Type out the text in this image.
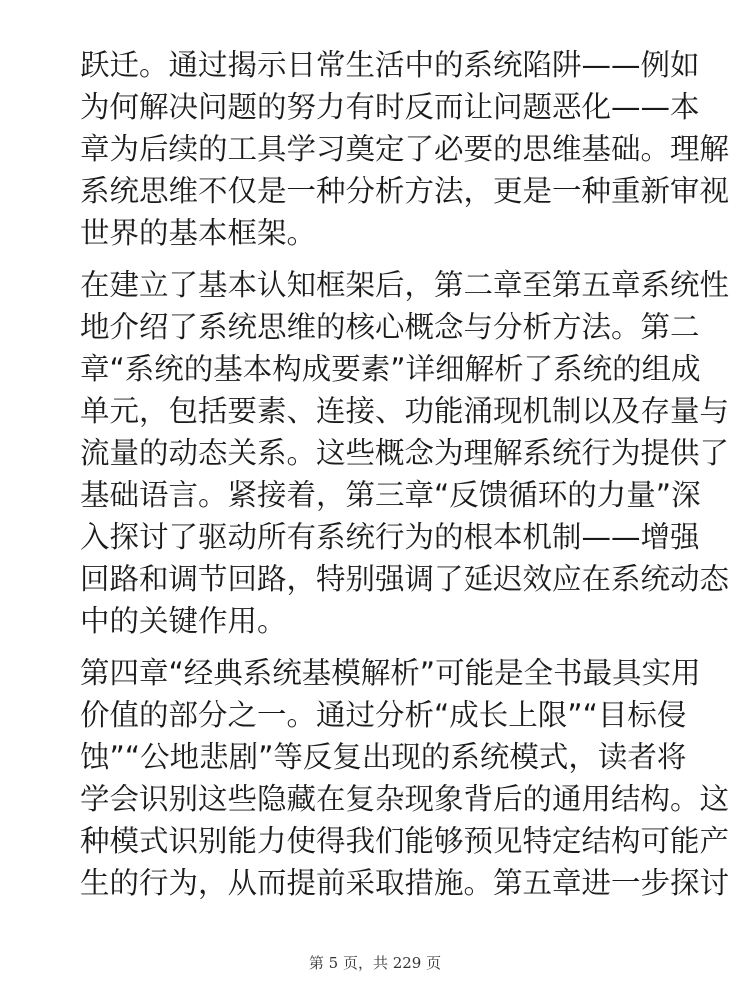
跃迁。通过揭示日常生活中的系统陷阱——例如
为何解决问题的努力有时反而让问题恶化——本
章为后续的工具学习奠定了必要的思维基础。理解
系统思维不仅是一种分析方法，更是一种重新审视
世界的基本框架。
在建立了基本认知框架后，第二章至第五章系统性
地介绍了系统思维的核心概念与分析方法。第二
章“系统的基本构成要素”详细解析了系统的组成
单元，包括要素、连接、功能涌现机制以及存量与
流量的动态关系。这些概念为理解系统行为提供了
基础语言。紧接着，第三章“反馈循环的力量”深
入探讨了驱动所有系统行为的根本机制——增强
回路和调节回路，特别强调了延迟效应在系统动态
中的关键作用。
第四章“经典系统基模解析”可能是全书最具实用
价值的部分之一。通过分析“成长上限”“目标侵
蚀”“公地悲剧”等反复出现的系统模式，读者将
学会识别这些隐藏在复杂现象背后的通用结构。这
种模式识别能力使得我们能够预见特定结构可能产
生的行为，从而提前采取措施。第五章进一步探讨
第 5 页，共 229 页
